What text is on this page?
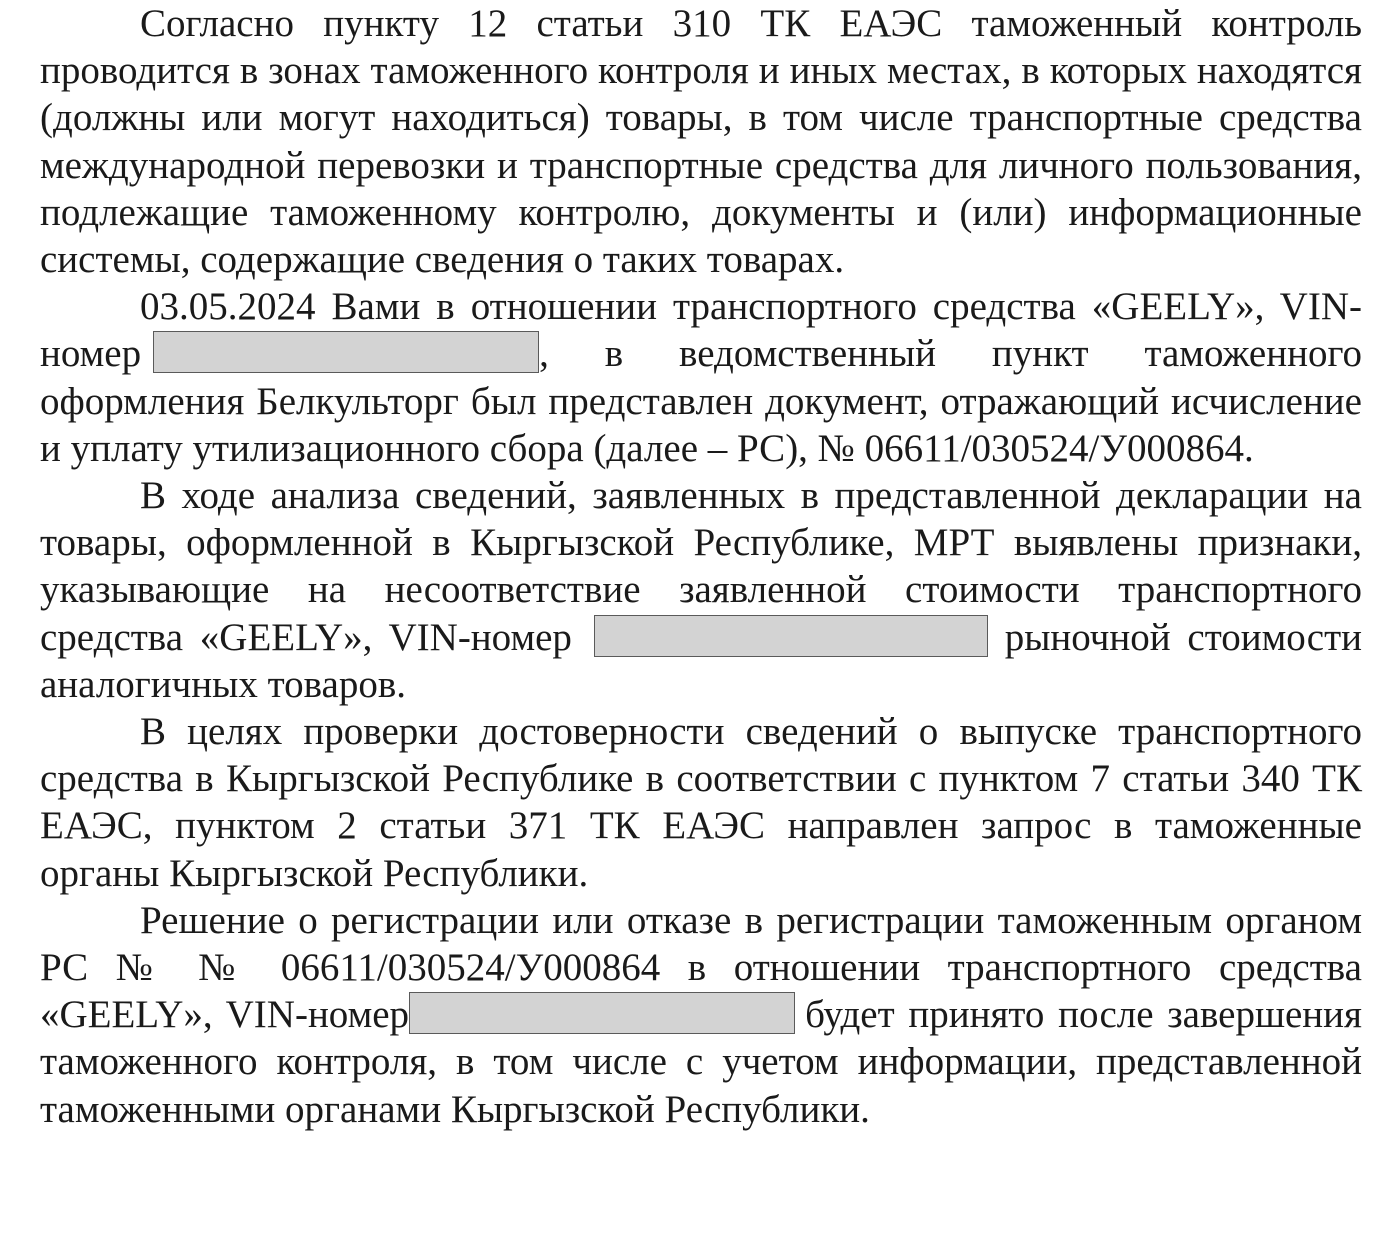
Согласно пункту 12 статьи 310 ТК ЕАЭС таможенный контроль проводится в зонах таможенного контроля и иных местах, в которых находятся (должны или могут находиться) товары, в том числе транспортные средства международной перевозки и транспортные средства для личного пользования, подлежащие таможенному контролю, документы и (или) информационные системы, содержащие сведения о таких товарах.

03.05.2024 Вами в отношении транспортного средства «GEELY», VIN-номер	, в ведомственный пункт таможенного оформления Белкульторг был представлен документ, отражающий исчисление и уплату утилизационного сбора (далее – РС), № 06611/030524/У000864.

В ходе анализа сведений, заявленных в представленной декларации на товары, оформленной в Кыргызской Республике, МРТ выявлены признаки, указывающие на несоответствие заявленной стоимости транспортного средства «GEELY», VIN-номер	рыночной стоимости аналогичных товаров.

В целях проверки достоверности сведений о выпуске транспортного средства в Кыргызской Республике в соответствии с пунктом 7 статьи 340 ТК ЕАЭС, пунктом 2 статьи 371 ТК ЕАЭС направлен запрос в таможенные органы Кыргызской Республики.

Решение о регистрации или отказе в регистрации таможенным органом РС № № 06611/030524/У000864 в отношении транспортного средства «GEELY», VIN-номер	будет принято после завершения таможенного контроля, в том числе с учетом информации, представленной таможенными органами Кыргызской Республики.
